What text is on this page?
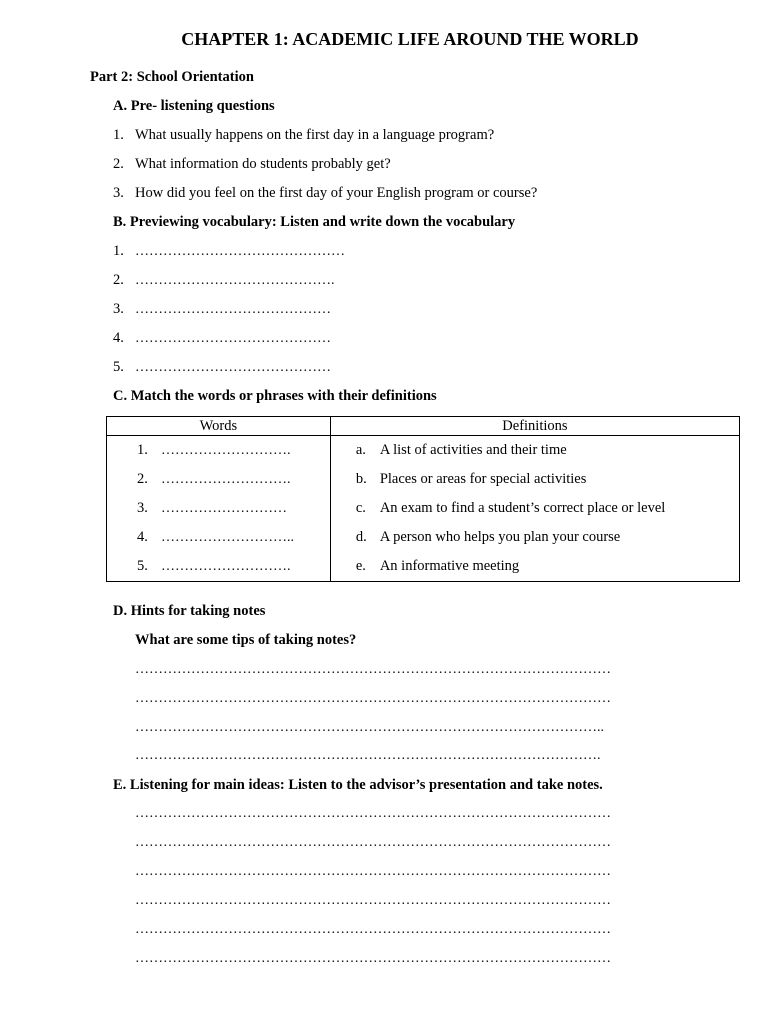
CHAPTER 1: ACADEMIC LIFE AROUND THE WORLD
Part 2: School Orientation
A. Pre- listening questions
1. What usually happens on the first day in a language program?
2. What information do students probably get?
3. How did you feel on the first day of your English program or course?
B. Previewing vocabulary: Listen and write down the vocabulary
1. ………………………………………
2. …………………………………….
3. ……………………………………
4. ……………………………………
5. ……………………………………
C. Match the words or phrases with their definitions
Words	Definitions
1. ……………………….	a. A list of activities and their time
2. ……………………….	b. Places or areas for special activities
3. ………………………	c. An exam to find a student’s correct place or level
4. ………………………..	d. A person who helps you plan your course
5. ……………………….	e. An informative meeting
D. Hints for taking notes
What are some tips of taking notes?
…………………………………………………………………………………………
…………………………………………………………………………………………
………………………………………………………………………………………..
……………………………………………………………………………………….
E. Listening for main ideas: Listen to the advisor’s presentation and take notes.
…………………………………………………………………………………………
…………………………………………………………………………………………
…………………………………………………………………………………………
…………………………………………………………………………………………
…………………………………………………………………………………………
…………………………………………………………………………………………
